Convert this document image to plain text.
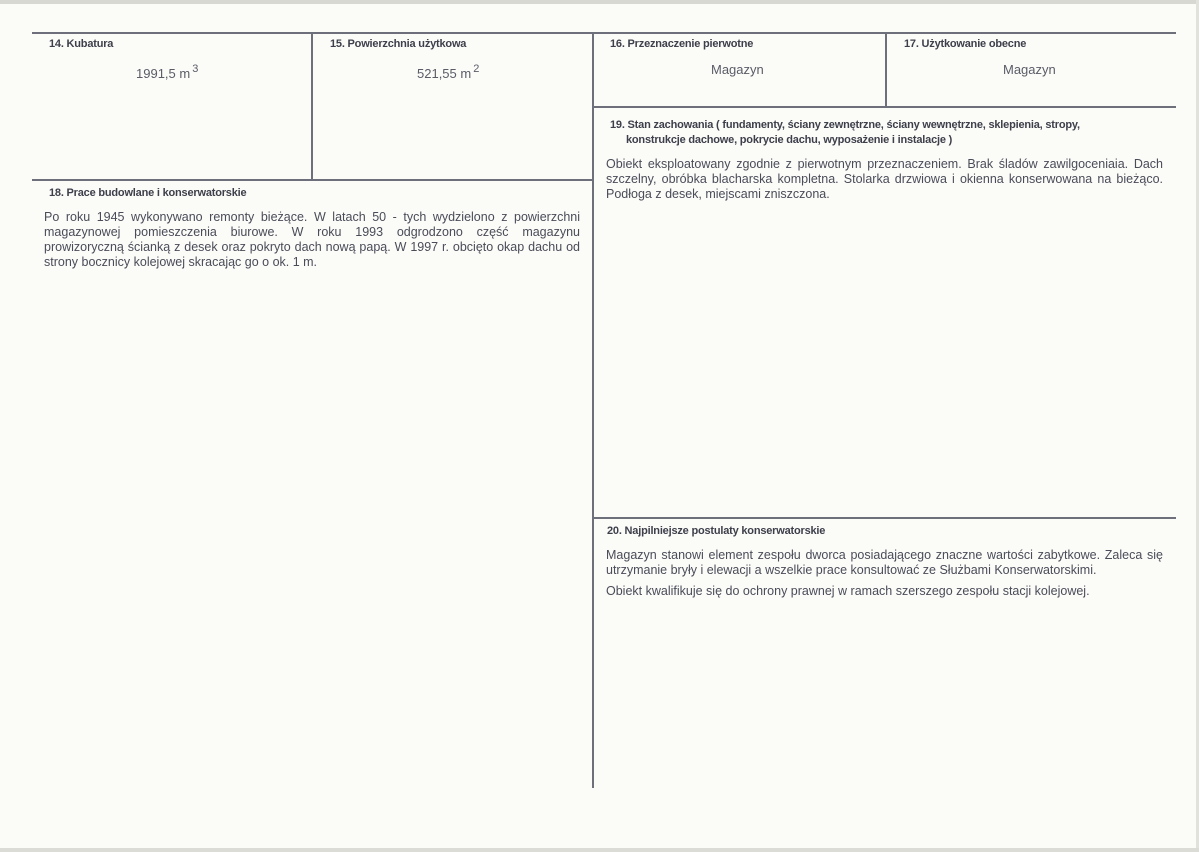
14. Kubatura
1991,5 m $^3$
15. Powierzchnia użytkowa
521,55 m $^2$
16. Przeznaczenie pierwotne
Magazyn
17. Użytkowanie obecne
Magazyn
19. Stan zachowania ( fundamenty, ściany zewnętrzne, ściany wewnętrzne, sklepienia, stropy,
konstrukcje dachowe, pokrycie dachu, wyposażenie i instalacje )
Obiekt eksploatowany zgodnie z pierwotnym przeznaczeniem. Brak śladów zawilgoceniaia. Dach szczelny, obróbka blacharska kompletna. Stolarka drzwiowa i okienna konserwowana na bieżąco. Podłoga z desek, miejscami zniszczona.
18. Prace budowlane i konserwatorskie
Po roku 1945 wykonywano remonty bieżące. W latach 50 - tych wydzielono z powierzchni magazynowej pomieszczenia biurowe. W roku 1993 odgrodzono część magazynu prowizoryczną ścianką z desek oraz pokryto dach nową papą. W 1997 r. obcięto okap dachu od strony bocznicy kolejowej skracając go o ok. 1 m.
20. Najpilniejsze postulaty konserwatorskie

Magazyn stanowi element zespołu dworca posiadającego znaczne wartości zabytkowe. Zaleca się utrzymanie bryły i elewacji a wszelkie prace konsultować ze Służbami Konserwatorskimi.

Obiekt kwalifikuje się do ochrony prawnej w ramach szerszego zespołu stacji kolejowej.
